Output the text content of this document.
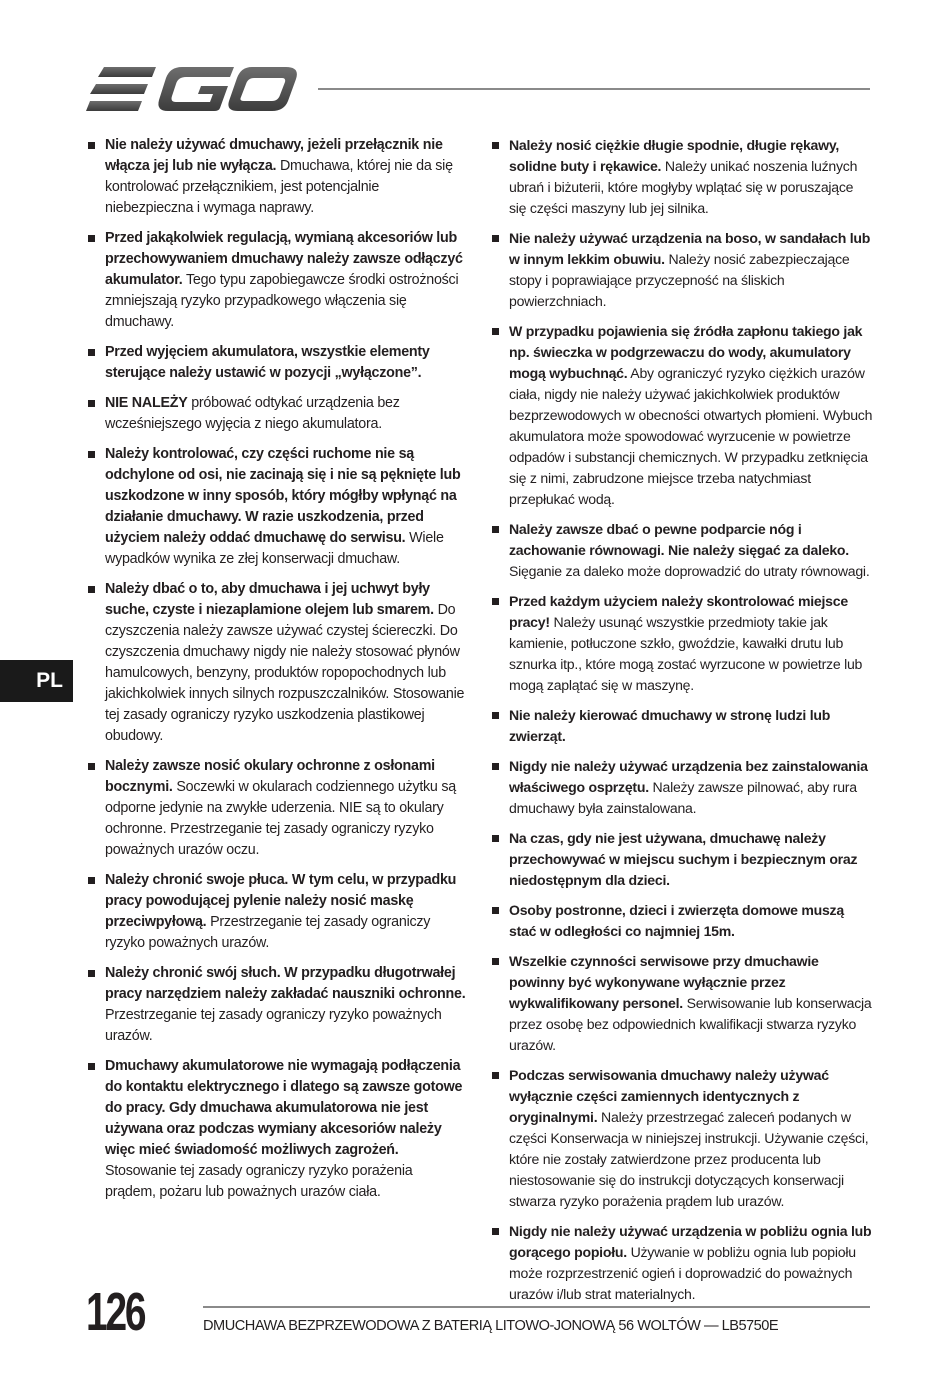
PL
Nie należy używać dmuchawy, jeżeli przełącznik nie włącza jej lub nie wyłącza. Dmuchawa, której nie da się kontrolować przełącznikiem, jest potencjalnie niebezpieczna i wymaga naprawy.
Przed jakąkolwiek regulacją, wymianą akcesoriów lub przechowywaniem dmuchawy należy zawsze odłączyć akumulator. Tego typu zapobiegawcze środki ostrożności zmniejszają ryzyko przypadkowego włączenia się dmuchawy.
Przed wyjęciem akumulatora, wszystkie elementy sterujące należy ustawić w pozycji „wyłączone”.
NIE NALEŻY próbować odtykać urządzenia bez wcześniejszego wyjęcia z niego akumulatora.
Należy kontrolować, czy części ruchome nie są odchylone od osi, nie zacinają się i nie są pęknięte lub uszkodzone w inny sposób, który mógłby wpłynąć na działanie dmuchawy. W razie uszkodzenia, przed użyciem należy oddać dmuchawę do serwisu. Wiele wypadków wynika ze złej konserwacji dmuchaw.
Należy dbać o to, aby dmuchawa i jej uchwyt były suche, czyste i niezaplamione olejem lub smarem. Do czyszczenia należy zawsze używać czystej ściereczki. Do czyszczenia dmuchawy nigdy nie należy stosować płynów hamulcowych, benzyny, produktów ropopochodnych lub jakichkolwiek innych silnych rozpuszczalników. Stosowanie tej zasady ograniczy ryzyko uszkodzenia plastikowej obudowy.
Należy zawsze nosić okulary ochronne z osłonami bocznymi. Soczewki w okularach codziennego użytku są odporne jedynie na zwykłe uderzenia. NIE są to okulary ochronne. Przestrzeganie tej zasady ograniczy ryzyko poważnych urazów oczu.
Należy chronić swoje płuca. W tym celu, w przypadku pracy powodującej pylenie należy nosić maskę przeciwpyłową. Przestrzeganie tej zasady ograniczy ryzyko poważnych urazów.
Należy chronić swój słuch. W przypadku długotrwałej pracy narzędziem należy zakładać nauszniki ochronne. Przestrzeganie tej zasady ograniczy ryzyko poważnych urazów.
Dmuchawy akumulatorowe nie wymagają podłączenia do kontaktu elektrycznego i dlatego są zawsze gotowe do pracy. Gdy dmuchawa akumulatorowa nie jest używana oraz podczas wymiany akcesoriów należy więc mieć świadomość możliwych zagrożeń. Stosowanie tej zasady ograniczy ryzyko porażenia prądem, pożaru lub poważnych urazów ciała.
Należy nosić ciężkie długie spodnie, długie rękawy, solidne buty i rękawice. Należy unikać noszenia luźnych ubrań i biżuterii, które mogłyby wplątać się w poruszające się części maszyny lub jej silnika.
Nie należy używać urządzenia na boso, w sandałach lub w innym lekkim obuwiu. Należy nosić zabezpieczające stopy i poprawiające przyczepność na śliskich powierzchniach.
W przypadku pojawienia się źródła zapłonu takiego jak np. świeczka w podgrzewaczu do wody, akumulatory mogą wybuchnąć. Aby ograniczyć ryzyko ciężkich urazów ciała, nigdy nie należy używać jakichkolwiek produktów bezprzewodowych w obecności otwartych płomieni. Wybuch akumulatora może spowodować wyrzucenie w powietrze odpadów i substancji chemicznych. W przypadku zetknięcia się z nimi, zabrudzone miejsce trzeba natychmiast przepłukać wodą.
Należy zawsze dbać o pewne podparcie nóg i zachowanie równowagi. Nie należy sięgać za daleko. Sięganie za daleko może doprowadzić do utraty równowagi.
Przed każdym użyciem należy skontrolować miejsce pracy! Należy usunąć wszystkie przedmioty takie jak kamienie, potłuczone szkło, gwoździe, kawałki drutu lub sznurka itp., które mogą zostać wyrzucone w powietrze lub mogą zaplątać się w maszynę.
Nie należy kierować dmuchawy w stronę ludzi lub zwierząt.
Nigdy nie należy używać urządzenia bez zainstalowania właściwego osprzętu. Należy zawsze pilnować, aby rura dmuchawy była zainstalowana.
Na czas, gdy nie jest używana, dmuchawę należy przechowywać w miejscu suchym i bezpiecznym oraz niedostępnym dla dzieci.
Osoby postronne, dzieci i zwierzęta domowe muszą stać w odległości co najmniej 15m.
Wszelkie czynności serwisowe przy dmuchawie powinny być wykonywane wyłącznie przez wykwalifikowany personel. Serwisowanie lub konserwacja przez osobę bez odpowiednich kwalifikacji stwarza ryzyko urazów.
Podczas serwisowania dmuchawy należy używać wyłącznie części zamiennych identycznych z oryginalnymi. Należy przestrzegać zaleceń podanych w części Konserwacja w niniejszej instrukcji. Używanie części, które nie zostały zatwierdzone przez producenta lub niestosowanie się do instrukcji dotyczących konserwacji stwarza ryzyko porażenia prądem lub urazów.
Nigdy nie należy używać urządzenia w pobliżu ognia lub gorącego popiołu. Używanie w pobliżu ognia lub popiołu może rozprzestrzenić ogień i doprowadzić do poważnych urazów i/lub strat materialnych.
126	DMUCHAWA BEZPRZEWODOWA Z BATERIĄ LITOWO-JONOWĄ 56 WOLTÓW — LB5750E
